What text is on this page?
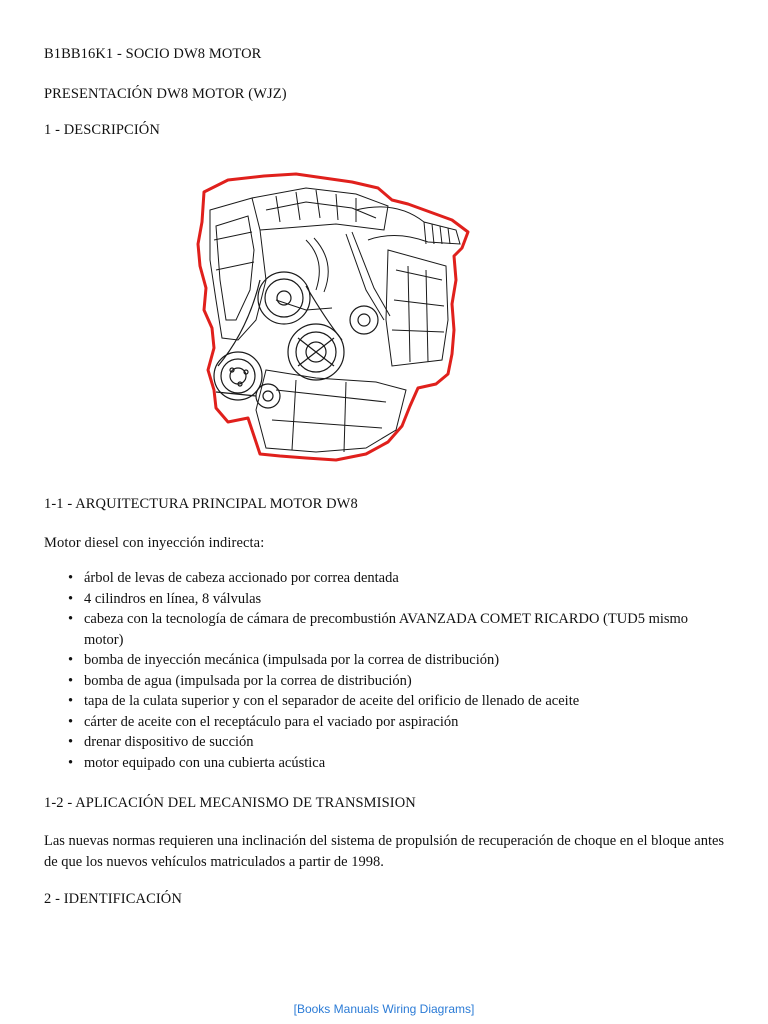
B1BB16K1 - SOCIO DW8 MOTOR
PRESENTACIÓN DW8 MOTOR (WJZ)
1 - DESCRIPCIÓN
1-1 - ARQUITECTURA PRINCIPAL MOTOR DW8
Motor diesel con inyección indirecta:
• árbol de levas de cabeza accionado por correa dentada
• 4 cilindros en línea, 8 válvulas
• cabeza con la tecnología de cámara de precombustión AVANZADA COMET RICARDO (TUD5 mismo motor)
• bomba de inyección mecánica (impulsada por la correa de distribución)
• bomba de agua (impulsada por la correa de distribución)
• tapa de la culata superior y con el separador de aceite del orificio de llenado de aceite
• cárter de aceite con el receptáculo para el vaciado por aspiración
• drenar dispositivo de succión
• motor equipado con una cubierta acústica
1-2 - APLICACIÓN DEL MECANISMO DE TRANSMISION
Las nuevas normas requieren una inclinación del sistema de propulsión de recuperación de choque en el bloque antes de que los nuevos vehículos matriculados a partir de 1998.
2 - IDENTIFICACIÓN
[Books Manuals Wiring Diagrams]
